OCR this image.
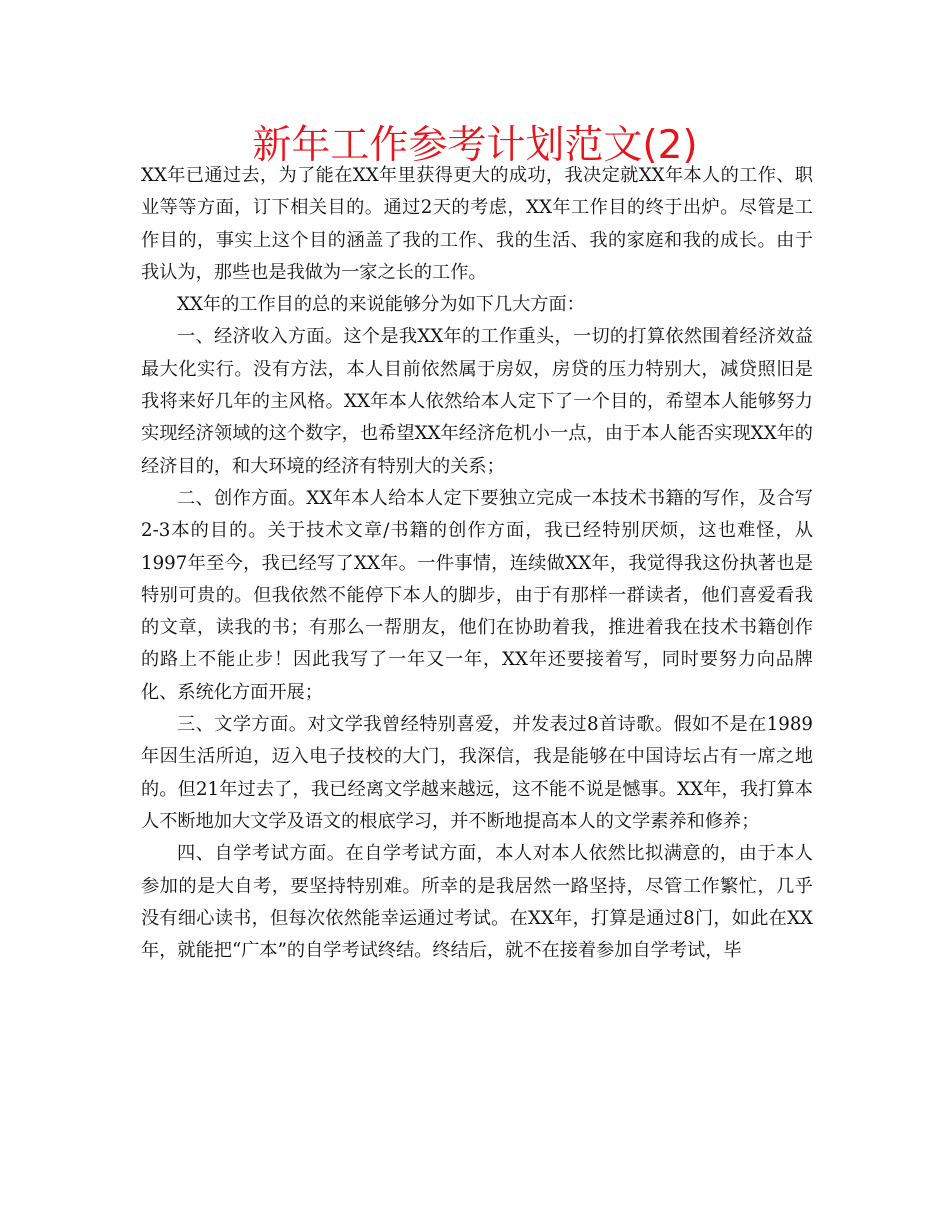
新年工作参考计划范文(2)

XX年已通过去，为了能在XX年里获得更大的成功，我决定就XX年本人的工作、职业等等方面，订下相关目的。通过2天的考虑，XX年工作目的终于出炉。尽管是工作目的，事实上这个目的涵盖了我的工作、我的生活、我的家庭和我的成长。由于我认为，那些也是我做为一家之长的工作。

XX年的工作目的总的来说能够分为如下几大方面：

一、经济收入方面。这个是我XX年的工作重头，一切的打算依然围着经济效益最大化实行。没有方法，本人目前依然属于房奴，房贷的压力特别大，减贷照旧是我将来好几年的主风格。XX年本人依然给本人定下了一个目的，希望本人能够努力实现经济领域的这个数字，也希望XX年经济危机小一点，由于本人能否实现XX年的经济目的，和大环境的经济有特别大的关系；

二、创作方面。XX年本人给本人定下要独立完成一本技术书籍的写作，及合写2-3本的目的。关于技术文章/书籍的创作方面，我已经特别厌烦，这也难怪，从1997年至今，我已经写了XX年。一件事情，连续做XX年，我觉得我这份执著也是特别可贵的。但我依然不能停下本人的脚步，由于有那样一群读者，他们喜爱看我的文章，读我的书；有那么一帮朋友，他们在协助着我，推进着我在技术书籍创作的路上不能止步！因此我写了一年又一年，XX年还要接着写，同时要努力向品牌化、系统化方面开展；

三、文学方面。对文学我曾经特别喜爱，并发表过8首诗歌。假如不是在1989年因生活所迫，迈入电子技校的大门，我深信，我是能够在中国诗坛占有一席之地的。但21年过去了，我已经离文学越来越远，这不能不说是憾事。XX年，我打算本人不断地加大文学及语文的根底学习，并不断地提高本人的文学素养和修养；

四、自学考试方面。在自学考试方面，本人对本人依然比拟满意的，由于本人参加的是大自考，要坚持特别难。所幸的是我居然一路坚持，尽管工作繁忙，几乎没有细心读书，但每次依然能幸运通过考试。在XX年，打算是通过8门，如此在XX年，就能把“广本”的自学考试终结。终结后，就不在接着参加自学考试，毕
